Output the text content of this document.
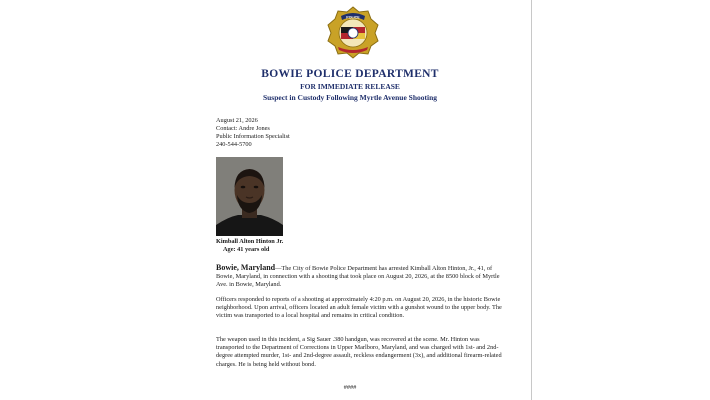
POLICE
BOWIE POLICE DEPARTMENT
FOR IMMEDIATE RELEASE
Suspect in Custody Following Myrtle Avenue Shooting
August 21, 2026
Contact: Andre Jones
Public Information Specialist
240-544-5700
Kimball Alton Hinton Jr.
Age: 41 years old
Bowie, Maryland—The City of Bowie Police Department has arrested Kimball Alton Hinton, Jr., 41, of Bowie, Maryland, in connection with a shooting that took place on August 20, 2026, at the 8500 block of Myrtle Ave. in Bowie, Maryland.
Officers responded to reports of a shooting at approximately 4:20 p.m. on August 20, 2026, in the historic Bowie neighborhood. Upon arrival, officers located an adult female victim with a gunshot wound to the upper body. The victim was transported to a local hospital and remains in critical condition.
The weapon used in this incident, a Sig Sauer .380 handgun, was recovered at the scene. Mr. Hinton was transported to the Department of Corrections in Upper Marlboro, Maryland, and was charged with 1st- and 2nd-degree attempted murder, 1st- and 2nd-degree assault, reckless endangerment (3x), and additional firearm-related charges. He is being held without bond.
####
